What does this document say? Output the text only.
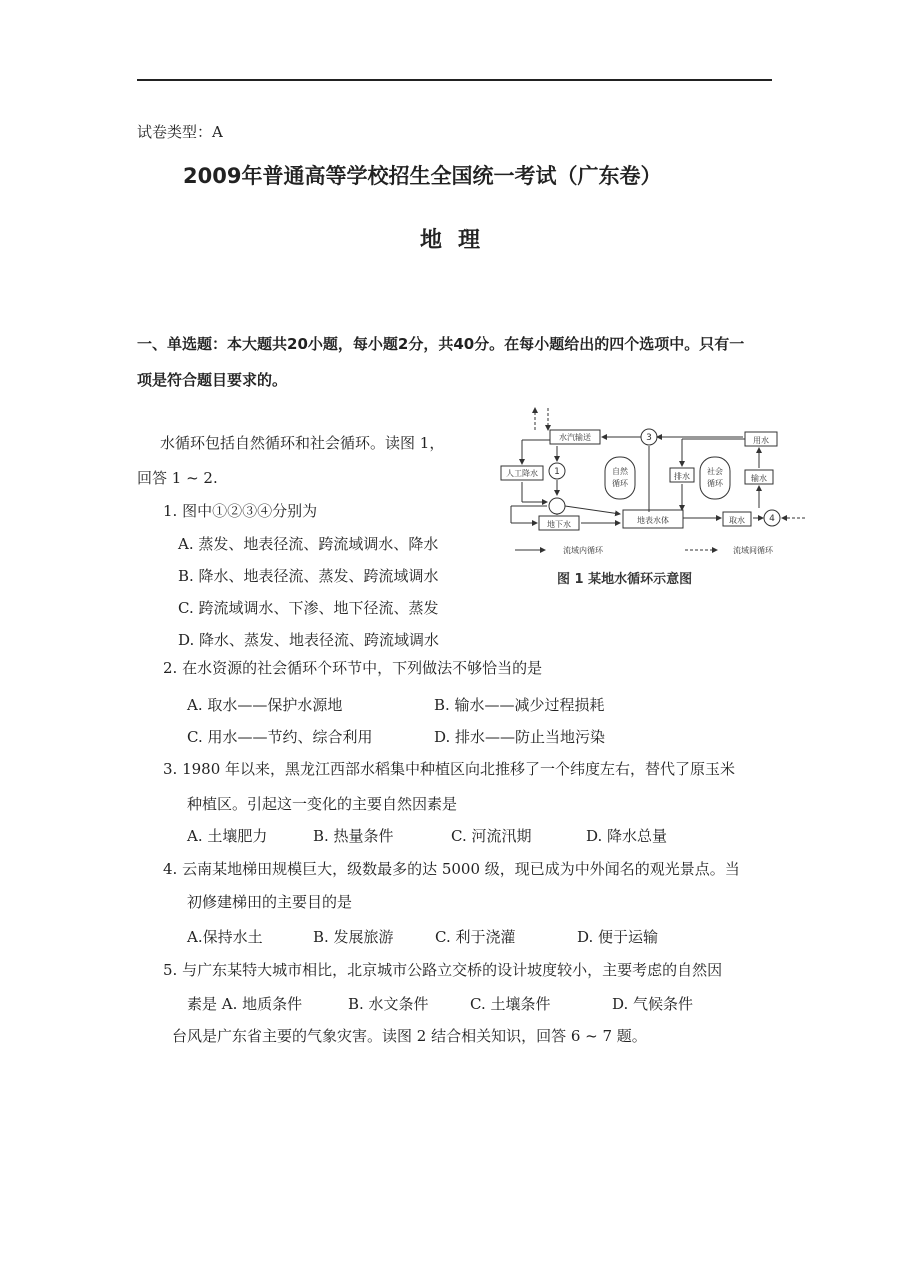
试卷类型：A
2009年普通高等学校招生全国统一考试（广东卷）
地理
一、单选题：本大题共20小题，每小题2分，共40分。在每小题给出的四个选项中。只有一
项是符合题目要求的。
水循环包括自然循环和社会循环。读图 1，
回答 1 ~ 2.
水汽输送
人工降水 1	自然
循环
3
排水
社会
循环
用水
输水
地下水	地表水体	取水	4
流域内循环	流域间循环
图 1 某地水循环示意图
1. 图中①②③④分别为
A. 蒸发、地表径流、跨流域调水、降水
B. 降水、地表径流、蒸发、跨流域调水
C. 跨流域调水、下渗、地下径流、蒸发
D. 降水、蒸发、地表径流、跨流域调水
2. 在水资源的社会循环个环节中，下列做法不够恰当的是
A. 取水——保护水源地	B. 输水——减少过程损耗
C. 用水——节约、综合利用	D. 排水——防止当地污染
3. 1980 年以来，黑龙江西部水稻集中种植区向北推移了一个纬度左右，替代了原玉米
种植区。引起这一变化的主要自然因素是
A. 土壤肥力	B. 热量条件	C. 河流汛期	D. 降水总量
4. 云南某地梯田规模巨大，级数最多的达 5000 级，现已成为中外闻名的观光景点。当
初修建梯田的主要目的是
A.保持水土	B. 发展旅游	C. 利于浇灌	D. 便于运输
5. 与广东某特大城市相比，北京城市公路立交桥的设计坡度较小，主要考虑的自然因
素是 A. 地质条件	B. 水文条件	C. 土壤条件	D. 气候条件
台风是广东省主要的气象灾害。读图 2 结合相关知识，回答 6 ~ 7 题。
